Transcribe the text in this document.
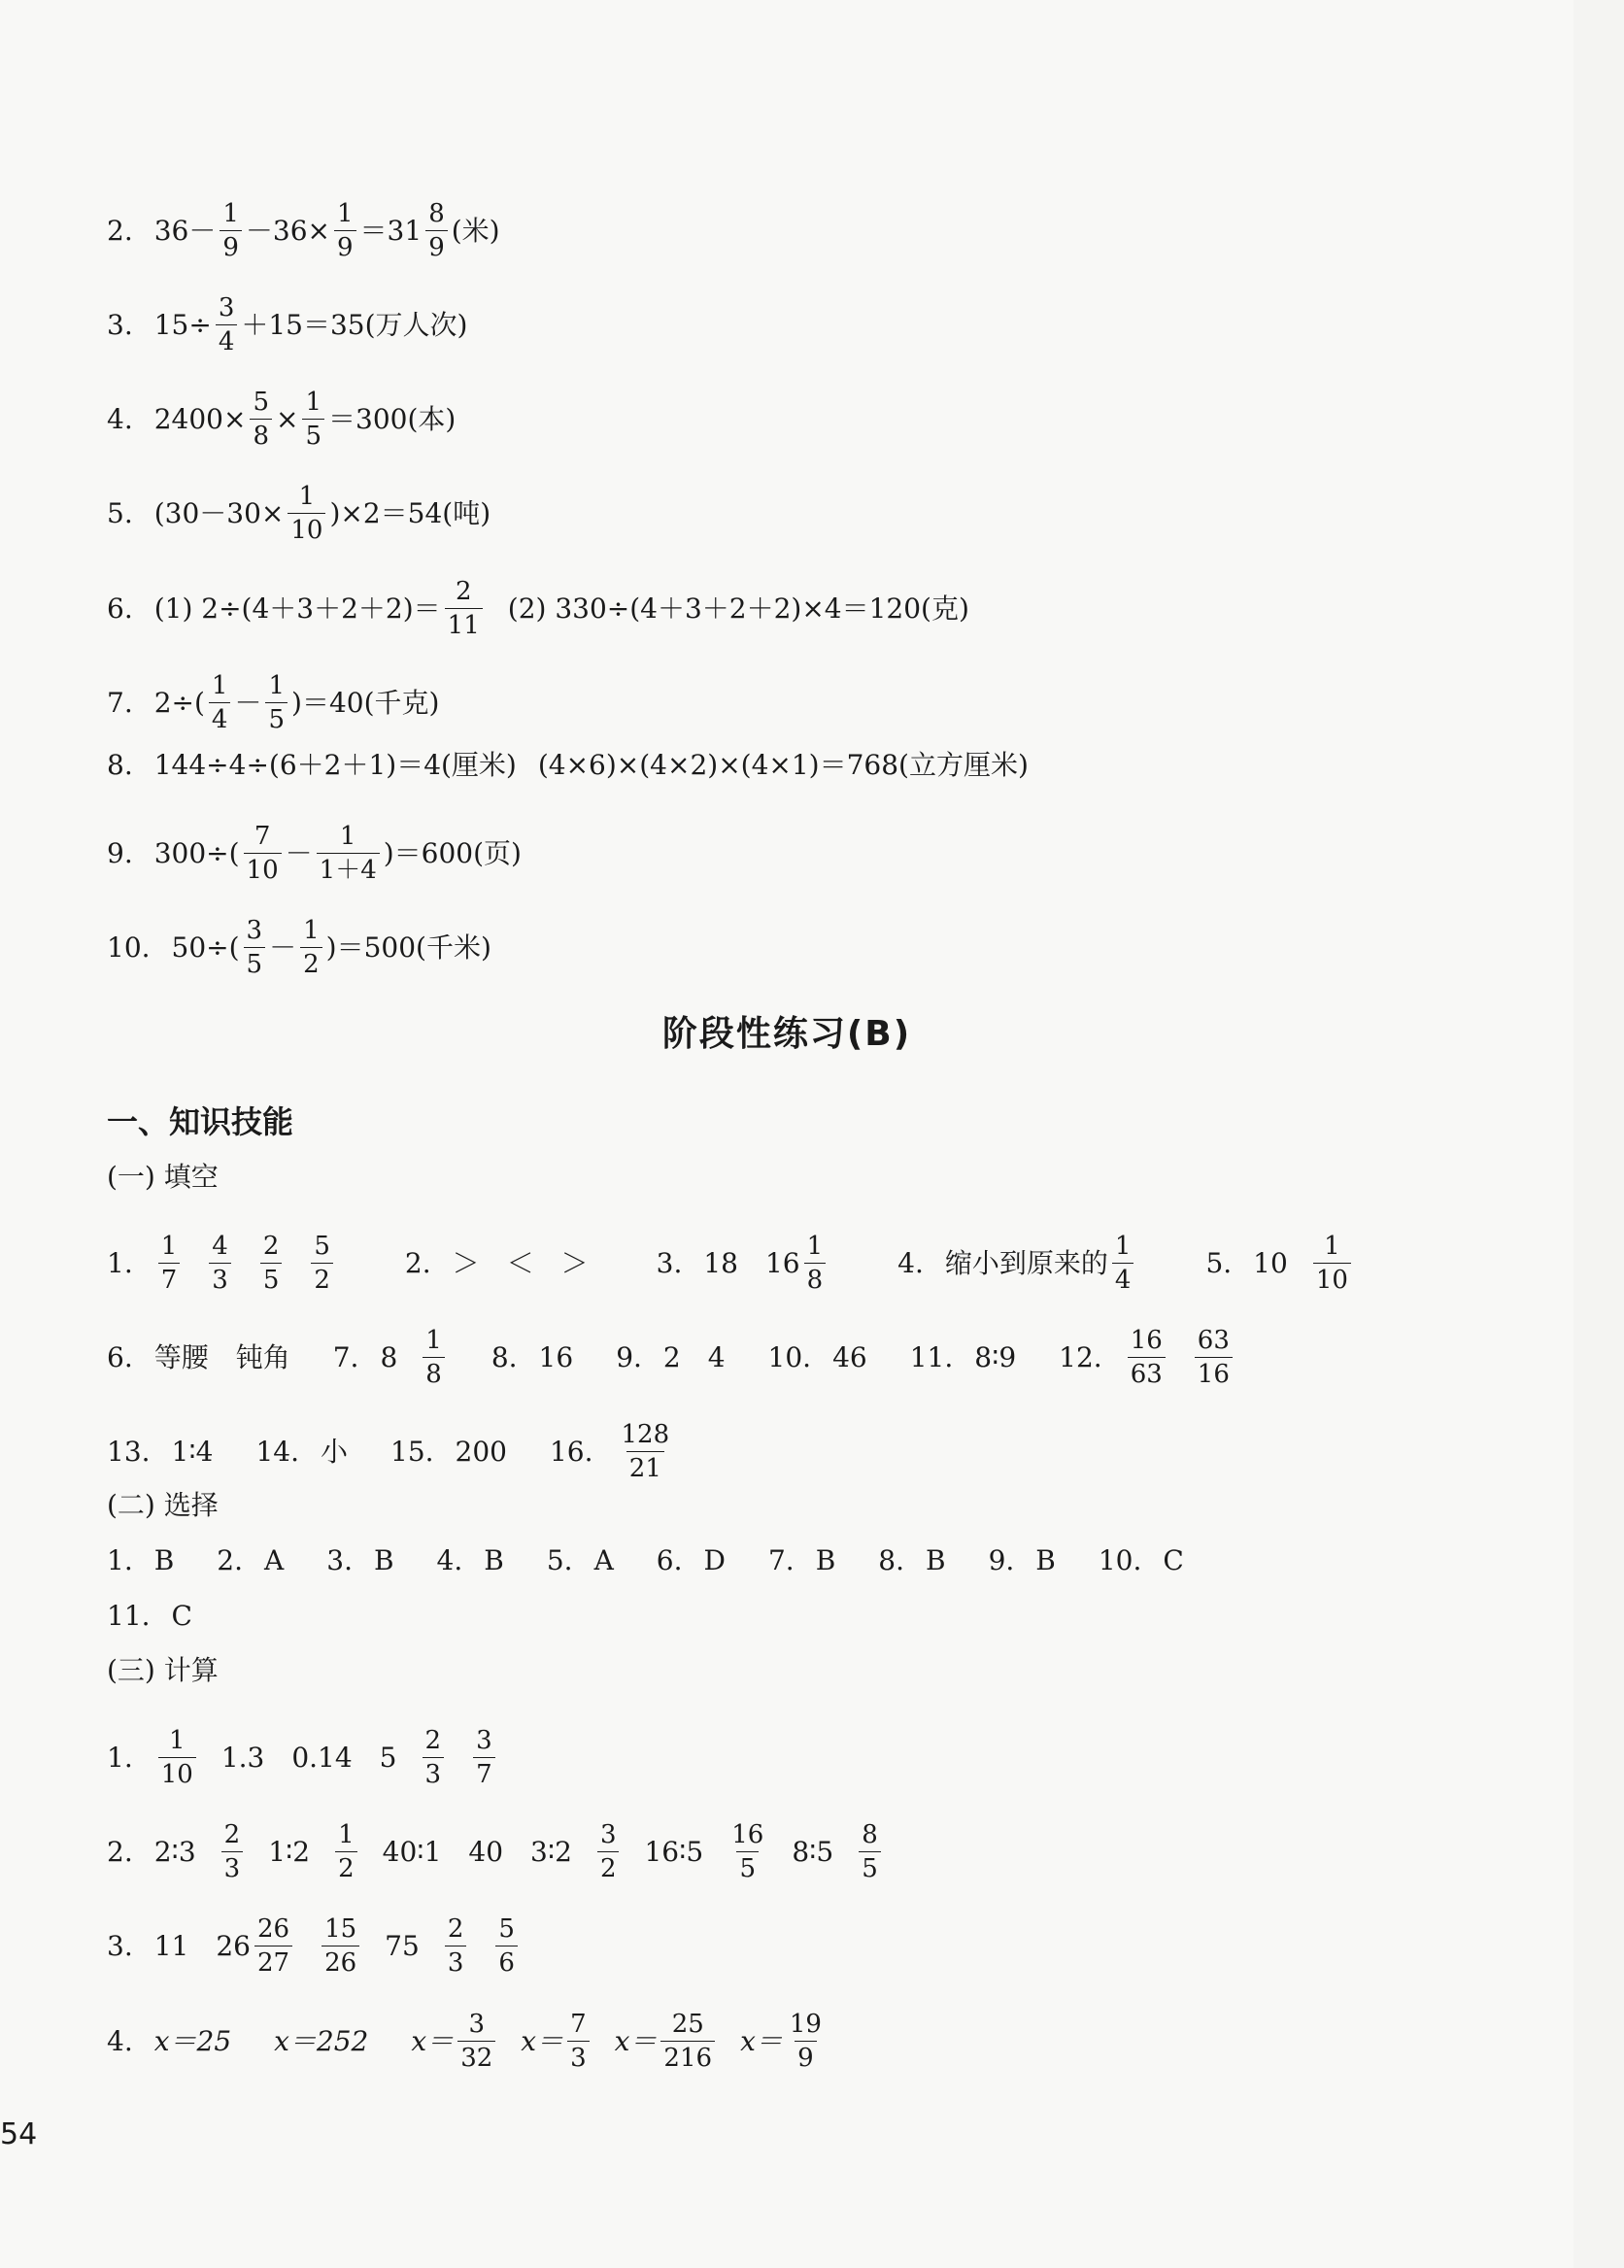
2. $36- \frac{1}{9} -36\times \frac{1}{9} =31 \frac{8}{9}$ (米)
3. $15\div \frac{3}{4} +15=35$(万人次)
4. $2400\times \frac{5}{8} \times \frac{1}{5} =300$(本)
5. $(30-30\times \frac{1}{10} )\times 2=54$(吨)
6. (1) $2\div(4+3+2+2)= \frac{2}{11} (2)$ 330÷(4＋3＋2＋2)×4＝120(克)
7. $2\div( \frac{1}{4} - \frac{1}{5} )=40$(千克)
8. 144÷4÷(6＋2＋1)＝4(厘米) (4×6)×(4×2)×(4×1)＝768(立方厘米)
9. $300\div( \frac{7}{10} - \frac{1}{1+4} )=600$(页)
10. $50\div( \frac{3}{5} - \frac{1}{2} )=500$(千米)
阶段性练习(B)
一、知识技能
(一) 填空
1. $\frac{1}{7} \frac{4}{3} \frac{2}{5} \frac{5}{2}$	2. ＞　＜　＞	3. 18　$16 \frac{1}{8}$	4. 缩小到原来的 $\frac{1}{4}$	5. $10 \frac{1}{10}$
6. 等腰　钝角 7. $8 \frac{1}{8} 8$. 16 9. 2　4 10. 46 11. 8∶9 12. $\frac{16}{63} \frac{63}{16}$
13. 1∶4 14. 小 15. 200 16. $\frac{128}{21}$
(二) 选择
1. B 2. A 3. B 4. B 5. A 6. D 7. B 8. B 9. B 10. C
11. C
(三) 计算
1. $\frac{1}{10} 1.3$　0.14　$5 \frac{2}{3} \frac{3}{7}$
2. 2∶3 $\frac{2}{3}$ 1∶2 $\frac{1}{2}$ 40∶1　40　3∶2 $\frac{3}{2}$ 16∶5 $\frac{16}{5}$ 8∶5 $\frac{8}{5}$
3. 11　$26 \frac{26}{27} \frac{15}{26} 75 \frac{2}{3} \frac{5}{6}$
4. x＝25 x＝252 $x= \frac{3}{32} x= \frac{7}{3} x= \frac{25}{216} x= \frac{19}{9}$
54
